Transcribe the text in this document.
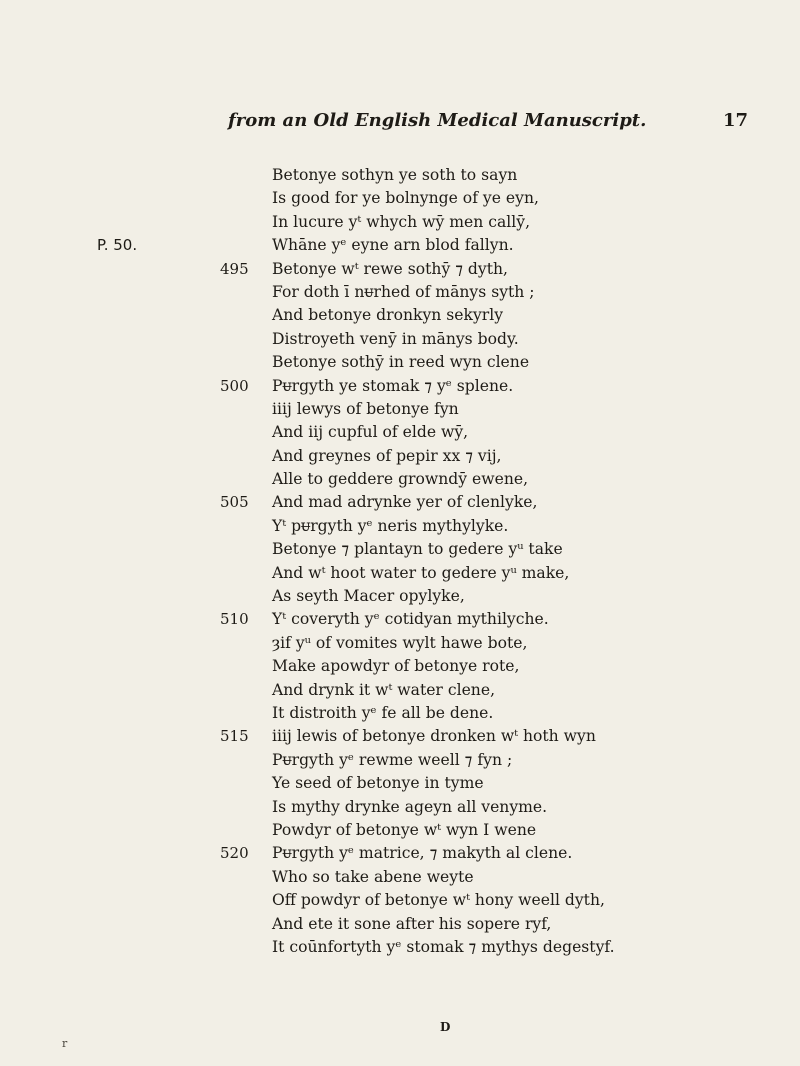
from an Old English Medical Manuscript.	17
P. 50.
Betonye sothyn ye soth to sayn
Is good for ye bolnynge of ye eyn,
In lucure yᵗ whych wȳ men callȳ,
Whāne yᵉ eyne arn blod fallyn.
495	Betonye wᵗ rewe sothȳ ⁊ dyth,
For doth ī nᵾrhed of mānys syth ;
And betonye dronkyn sekyrly
Distroyeth venȳ in mānys body.
Betonye sothȳ in reed wyn clene
500	Pᵾrgyth ye stomak ⁊ yᵉ splene.
iiij lewys of betonye fyn
And iij cupful of elde wȳ,
And greynes of pepir xx ⁊ vij,
Alle to geddere growndȳ ewene,
505	And mad adrynke yer of clenlyke,
Yᵗ pᵾrgyth yᵉ neris mythylyke.
Betonye ⁊ plantayn to gedere yᵘ take
And wᵗ hoot water to gedere yᵘ make,
As seyth Macer opylyke,
510	Yᵗ coveryth yᵉ cotidyan mythilyche.
ȝif yᵘ of vomites wylt hawe bote,
Make apowdyr of betonye rote,
And drynk it wᵗ water clene,
It distroith yᵉ fe all be dene.
515	iiij lewis of betonye dronken wᵗ hoth wyn
Pᵾrgyth yᵉ rewme weell ⁊ fyn ;
Ye seed of betonye in tyme
Is mythy drynke ageyn all venyme.
Powdyr of betonye wᵗ wyn I wene
520	Pᵾrgyth yᵉ matrice, ⁊ makyth al clene.
Who so take abene weyte
Off powdyr of betonye wᵗ hony weell dyth,
And ete it sone after his sopere ryf,
It coūnfortyth yᵉ stomak ⁊ mythys degestyf.
D
r
